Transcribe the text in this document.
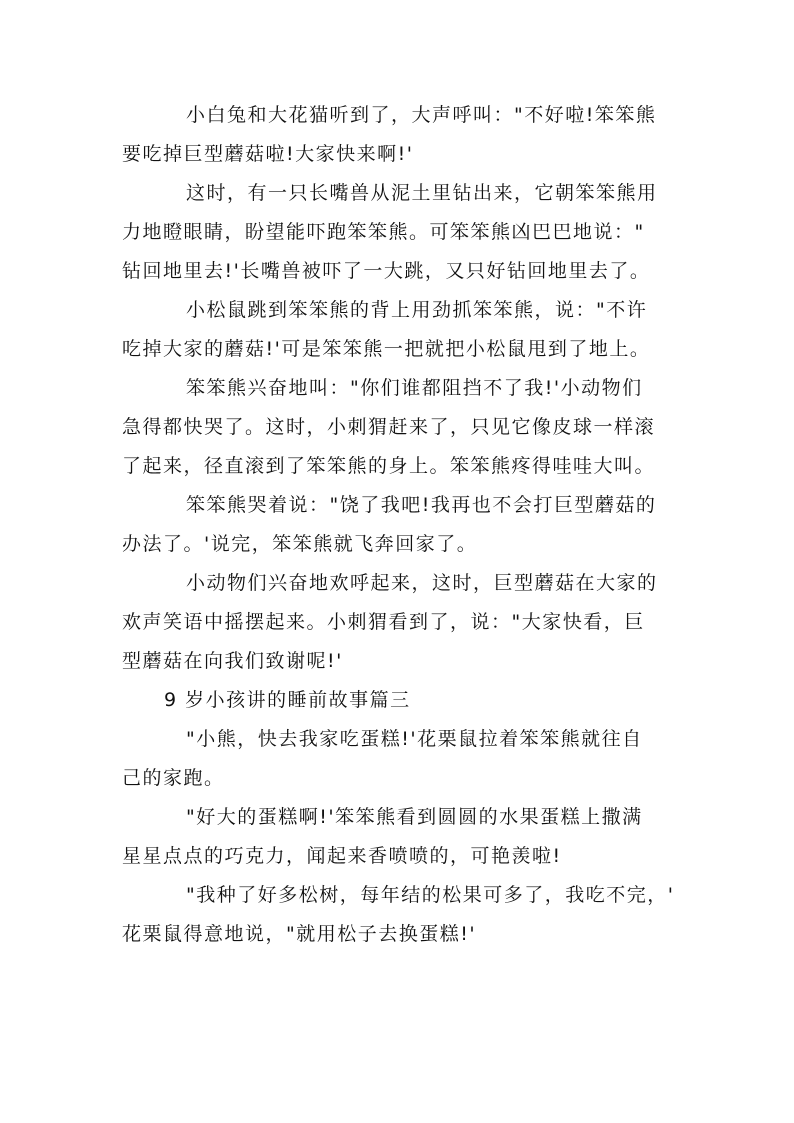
小白兔和大花猫听到了，大声呼叫："不好啦!笨笨熊
要吃掉巨型蘑菇啦!大家快来啊!'
这时，有一只长嘴兽从泥土里钻出来，它朝笨笨熊用
力地瞪眼睛，盼望能吓跑笨笨熊。可笨笨熊凶巴巴地说："
钻回地里去!'长嘴兽被吓了一大跳，又只好钻回地里去了。
小松鼠跳到笨笨熊的背上用劲抓笨笨熊，说："不许
吃掉大家的蘑菇!'可是笨笨熊一把就把小松鼠甩到了地上。
笨笨熊兴奋地叫："你们谁都阻挡不了我!'小动物们
急得都快哭了。这时，小刺猬赶来了，只见它像皮球一样滚
了起来，径直滚到了笨笨熊的身上。笨笨熊疼得哇哇大叫。
笨笨熊哭着说："饶了我吧!我再也不会打巨型蘑菇的
办法了。'说完，笨笨熊就飞奔回家了。
小动物们兴奋地欢呼起来，这时，巨型蘑菇在大家的
欢声笑语中摇摆起来。小刺猬看到了，说："大家快看，巨
型蘑菇在向我们致谢呢!'
9 岁小孩讲的睡前故事篇三
"小熊，快去我家吃蛋糕!'花栗鼠拉着笨笨熊就往自
己的家跑。
"好大的蛋糕啊!'笨笨熊看到圆圆的水果蛋糕上撒满
星星点点的巧克力，闻起来香喷喷的，可艳羡啦!
"我种了好多松树，每年结的松果可多了，我吃不完，'
花栗鼠得意地说，"就用松子去换蛋糕!'
